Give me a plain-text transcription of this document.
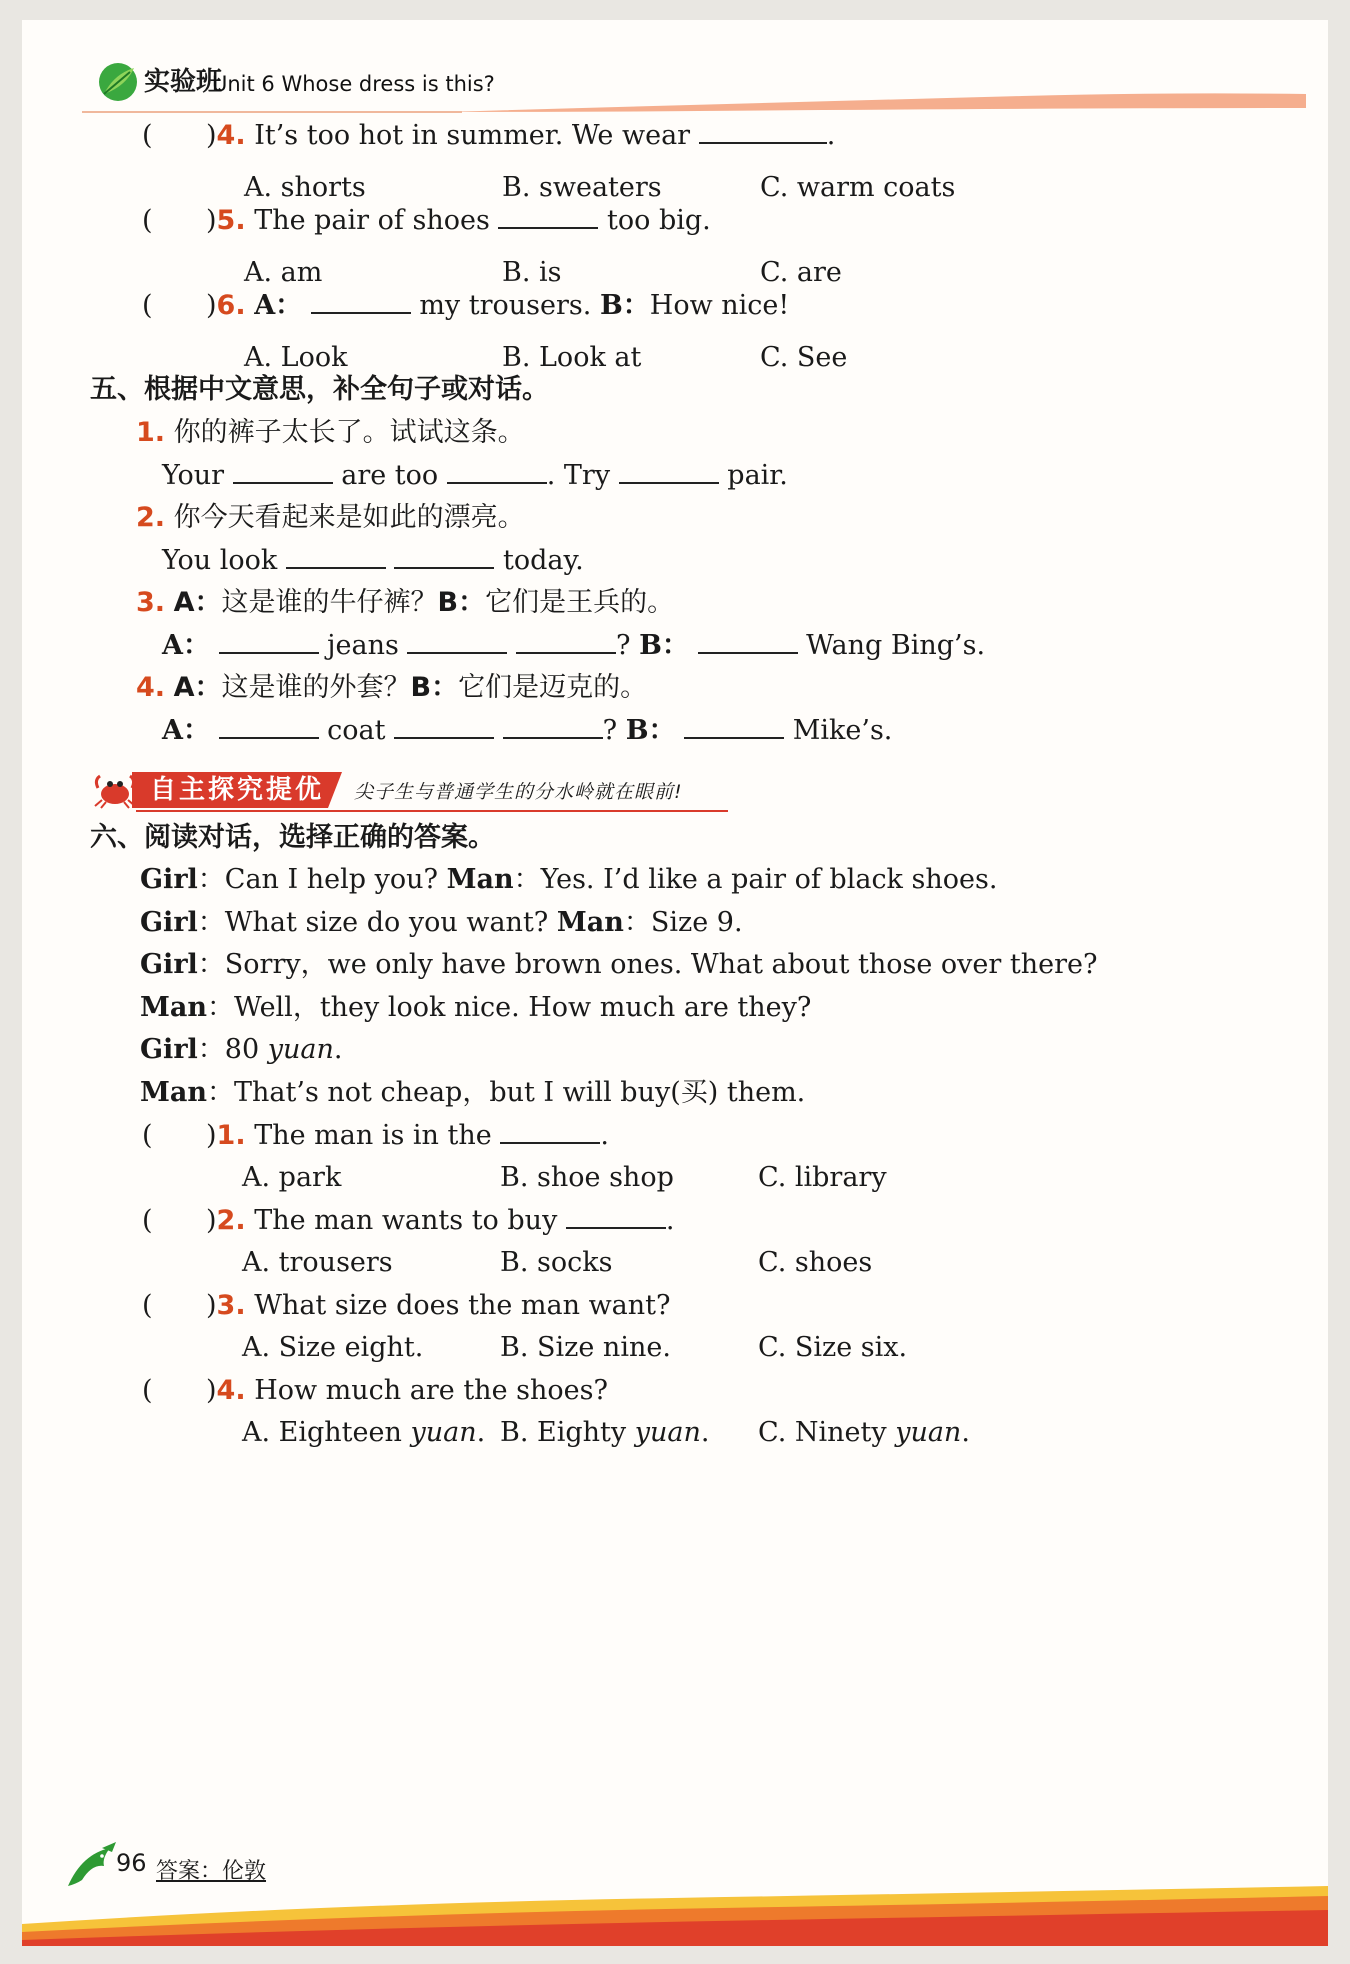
实验班
Unit 6 Whose dress is this?
( )4. It’s too hot in summer. We wear	.
A. shorts	B. sweaters	C. warm coats
( )5. The pair of shoes	too big.
A. am	B. is	C. are
( )6. A：	my trousers. B：How nice!
A. Look	B. Look at	C. See
五、根据中文意思，补全句子或对话。
1. 你的裤子太长了。试试这条。
Your	are too	. Try	pair.
2. 你今天看起来是如此的漂亮。
You look	today.
3. A：这是谁的牛仔裤？B：它们是王兵的。
A：	jeans	? B：	Wang Bing’s.
4. A：这是谁的外套？B：它们是迈克的。
A：	coat	? B：	Mike’s.
自主探究提优 尖子生与普通学生的分水岭就在眼前!
六、阅读对话，选择正确的答案。
Girl：Can I help you? Man：Yes. I’d like a pair of black shoes.
Girl：What size do you want? Man：Size 9.
Girl：Sorry，we only have brown ones. What about those over there?
Man：Well，they look nice. How much are they?
Girl：80 yuan.
Man：That’s not cheap，but I will buy(买) them.
( )1. The man is in the	.
A. park	B. shoe shop	C. library
( )2. The man wants to buy	.
A. trousers	B. socks	C. shoes
( )3. What size does the man want?
A. Size eight.	B. Size nine.	C. Size six.
( )4. How much are the shoes?
A. Eighteen yuan. B. Eighty yuan. C. Ninety yuan.
96 答案：伦敦
